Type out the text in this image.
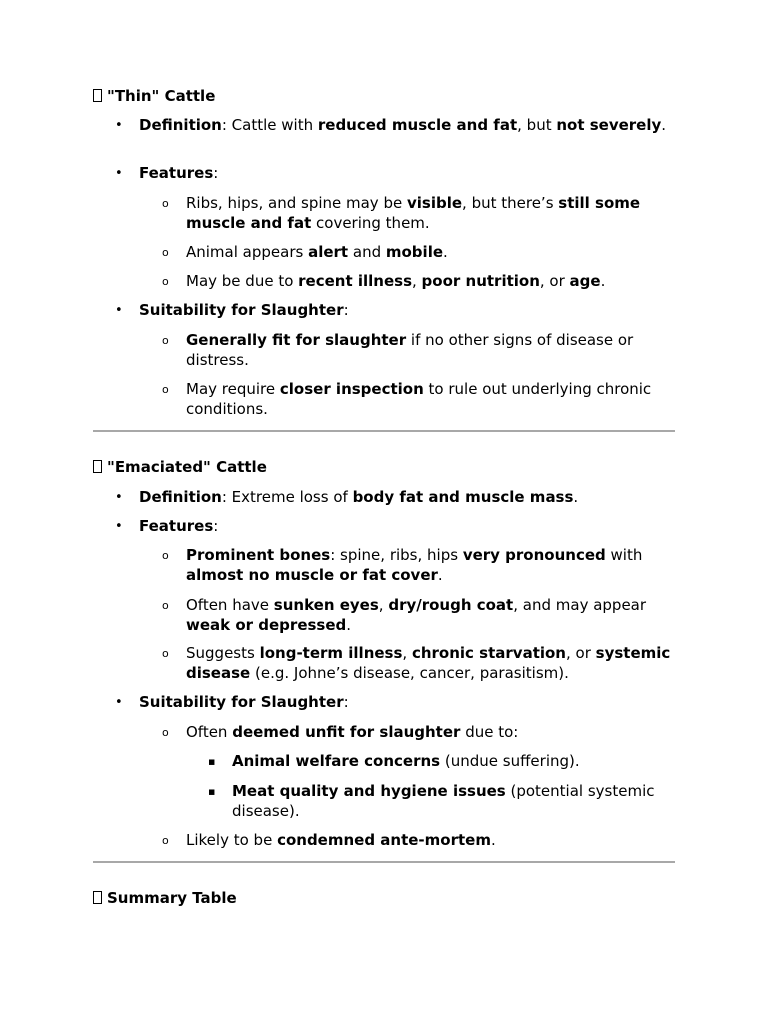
"Thin" Cattle
• Definition: Cattle with reduced muscle and fat, but not severely.
• Features:
o Ribs, hips, and spine may be visible, but there’s still some muscle and fat covering them.
o Animal appears alert and mobile.
o May be due to recent illness, poor nutrition, or age.
• Suitability for Slaughter:
o Generally fit for slaughter if no other signs of disease or distress.
o May require closer inspection to rule out underlying chronic conditions.
"Emaciated" Cattle
• Definition: Extreme loss of body fat and muscle mass.
• Features:
o Prominent bones: spine, ribs, hips very pronounced with almost no muscle or fat cover.
o Often have sunken eyes, dry/rough coat, and may appear weak or depressed.
o Suggests long-term illness, chronic starvation, or systemic disease (e.g. Johne’s disease, cancer, parasitism).
• Suitability for Slaughter:
o Often deemed unfit for slaughter due to:
▪ Animal welfare concerns (undue suffering).
▪ Meat quality and hygiene issues (potential systemic disease).
o Likely to be condemned ante-mortem.
Summary Table
